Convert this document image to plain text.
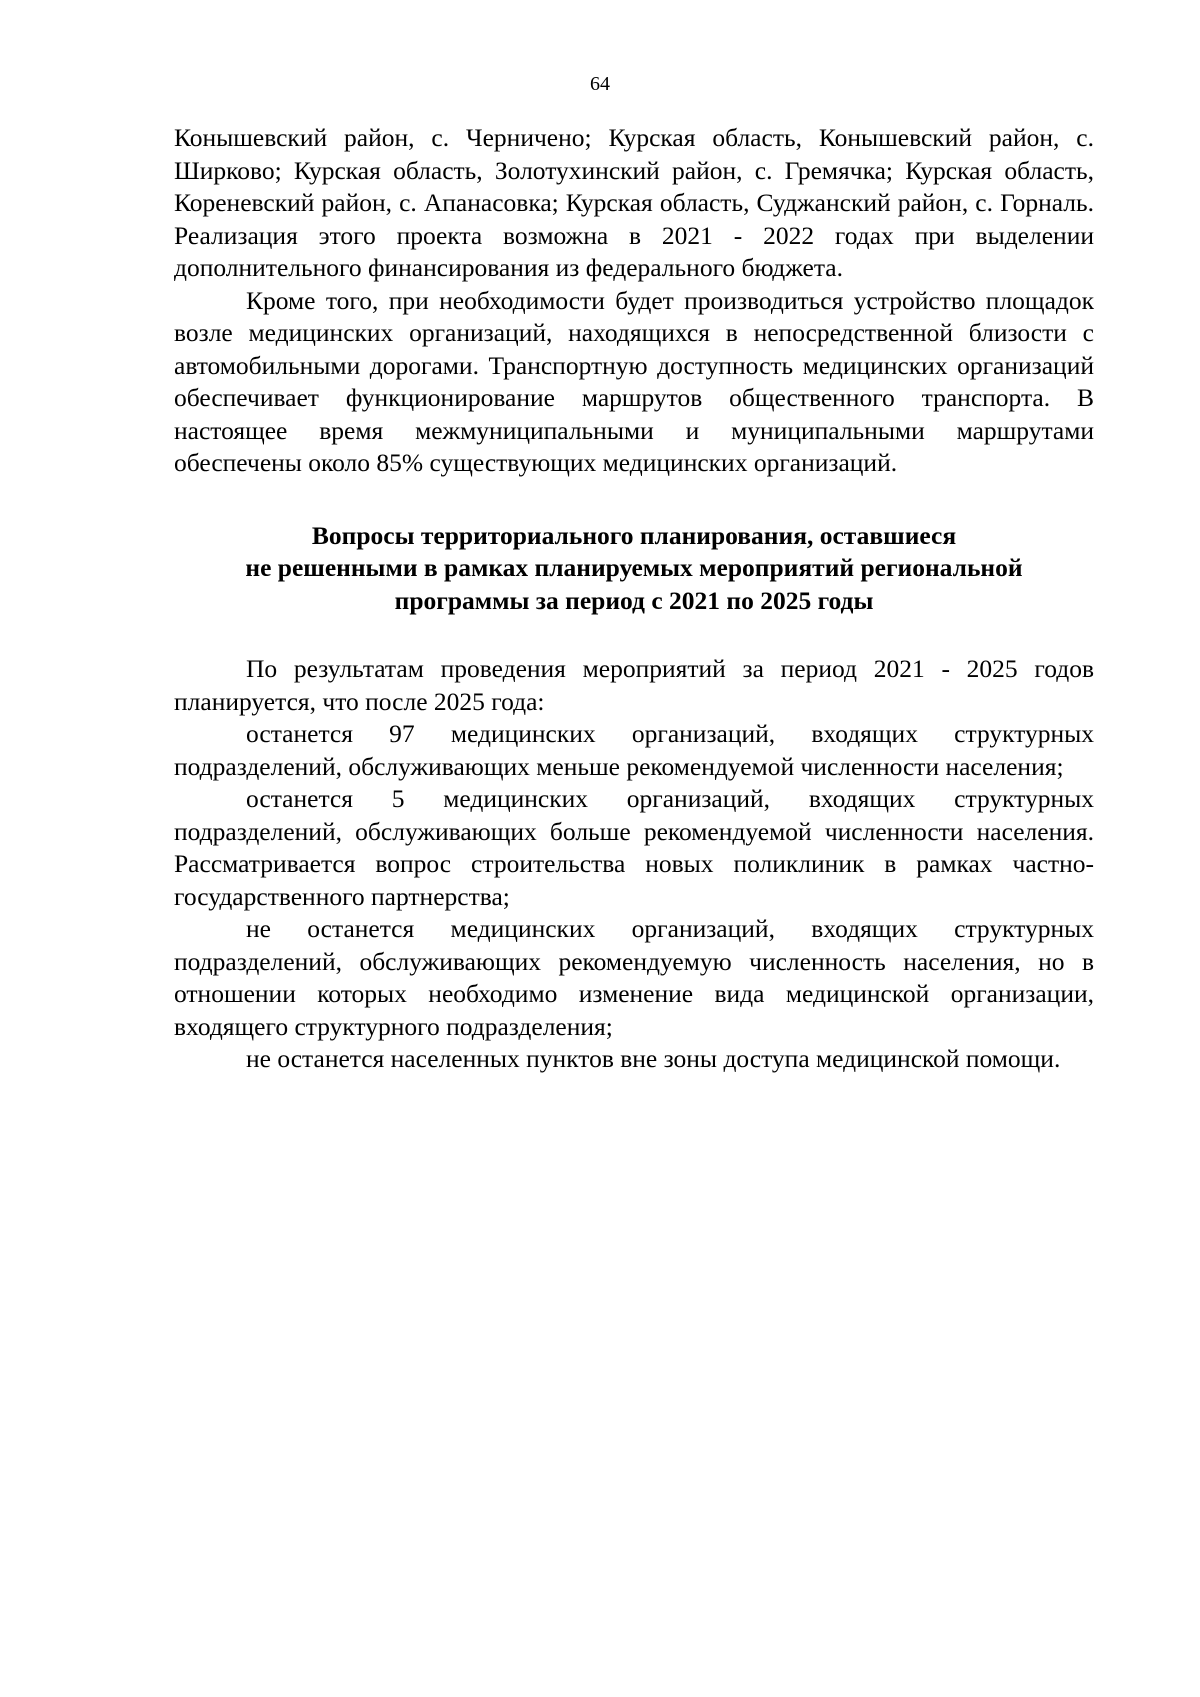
64

Конышевский район, с. Черничено; Курская область, Конышевский район, с. Ширково; Курская область, Золотухинский район, с. Гремячка; Курская область, Кореневский район, с. Апанасовка; Курская область, Суджанский район, с. Горналь. Реализация этого проекта возможна в 2021 - 2022 годах при выделении дополнительного финансирования из федерального бюджета.

Кроме того, при необходимости будет производиться устройство площадок возле медицинских организаций, находящихся в непосредственной близости с автомобильными дорогами. Транспортную доступность медицинских организаций обеспечивает функционирование маршрутов общественного транспорта. В настоящее время межмуниципальными и муниципальными маршрутами обеспечены около 85% существующих медицинских организаций.

Вопросы территориального планирования, оставшиеся
не решенными в рамках планируемых мероприятий региональной
программы за период с 2021 по 2025 годы

По результатам проведения мероприятий за период 2021 - 2025 годов планируется, что после 2025 года:

останется 97 медицинских организаций, входящих структурных подразделений, обслуживающих меньше рекомендуемой численности населения;

останется 5 медицинских организаций, входящих структурных подразделений, обслуживающих больше рекомендуемой численности населения. Рассматривается вопрос строительства новых поликлиник в рамках частно-государственного партнерства;

не останется медицинских организаций, входящих структурных подразделений, обслуживающих рекомендуемую численность населения, но в отношении которых необходимо изменение вида медицинской организации, входящего структурного подразделения;

не останется населенных пунктов вне зоны доступа медицинской помощи.
